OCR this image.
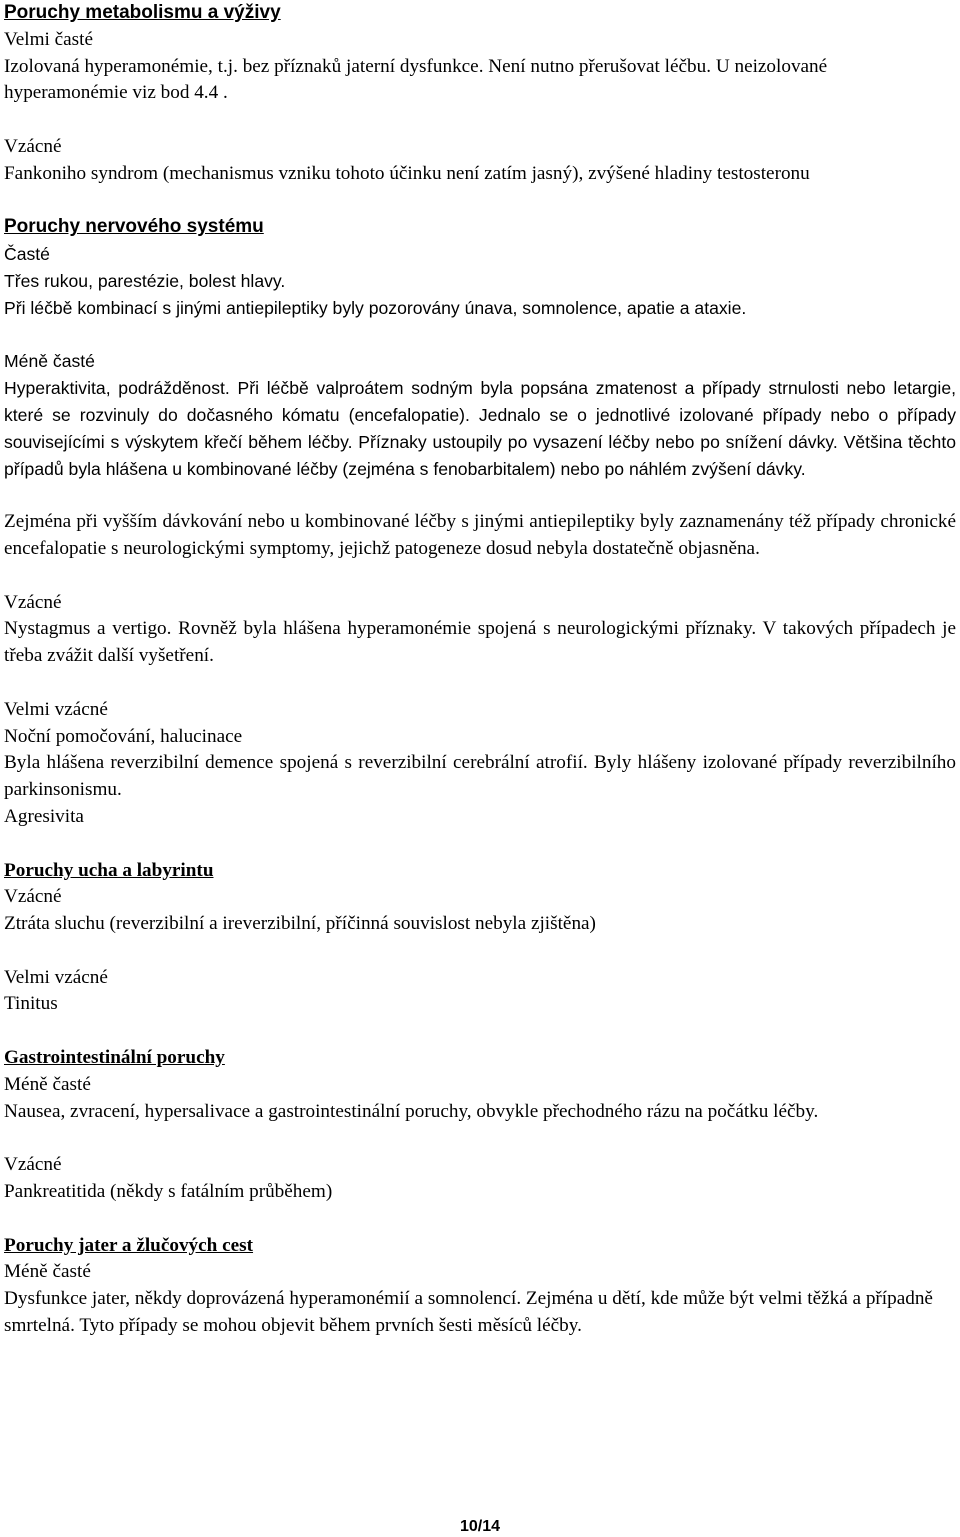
Poruchy metabolismu a výživy
Velmi časté

Izolovaná hyperamonémie, t.j. bez příznaků jaterní dysfunkce. Není nutno přerušovat léčbu. U neizolované hyperamonémie viz bod 4.4 .

Vzácné

Fankoniho syndrom (mechanismus vzniku tohoto účinku není zatím jasný), zvýšené hladiny testosteronu

Poruchy nervového systému
Časté
Třes rukou, parestézie, bolest hlavy.
Při léčbě kombinací s jinými antiepileptiky byly pozorovány únava, somnolence, apatie a ataxie.
Méně časté

Hyperaktivita, podrážděnost. Při léčbě valproátem sodným byla popsána zmatenost a případy strnulosti nebo letargie, které se rozvinuly do dočasného kómatu (encefalopatie). Jednalo se o jednotlivé izolované případy nebo o případy souvisejícími s výskytem křečí během léčby. Příznaky ustoupily po vysazení léčby nebo po snížení dávky. Většina těchto případů byla hlášena u kombinované léčby (zejména s fenobarbitalem) nebo po náhlém zvýšení dávky.

Zejména při vyšším dávkování nebo u kombinované léčby s jinými antiepileptiky byly zaznamenány též případy chronické encefalopatie s neurologickými symptomy, jejichž patogeneze dosud nebyla dostatečně objasněna.

Vzácné

Nystagmus a vertigo. Rovněž byla hlášena hyperamonémie spojená s neurologickými příznaky. V takových případech je třeba zvážit další vyšetření.

Velmi vzácné
Noční pomočování, halucinace

Byla hlášena reverzibilní demence spojená s reverzibilní cerebrální atrofií. Byly hlášeny izolované případy reverzibilního parkinsonismu.

Agresivita
Poruchy ucha a labyrintu
Vzácné
Ztráta sluchu (reverzibilní a ireverzibilní, příčinná souvislost nebyla zjištěna)
Velmi vzácné
Tinitus
Gastrointestinální poruchy
Méně časté

Nausea, zvracení, hypersalivace a gastrointestinální poruchy, obvykle přechodného rázu na počátku léčby.

Vzácné
Pankreatitida (někdy s fatálním průběhem)
Poruchy jater a žlučových cest
Méně časté

Dysfunkce jater, někdy doprovázená hyperamonémií a somnolencí. Zejména u dětí, kde může být velmi těžká a případně smrtelná. Tyto případy se mohou objevit během prvních šesti měsíců léčby.

10/14
